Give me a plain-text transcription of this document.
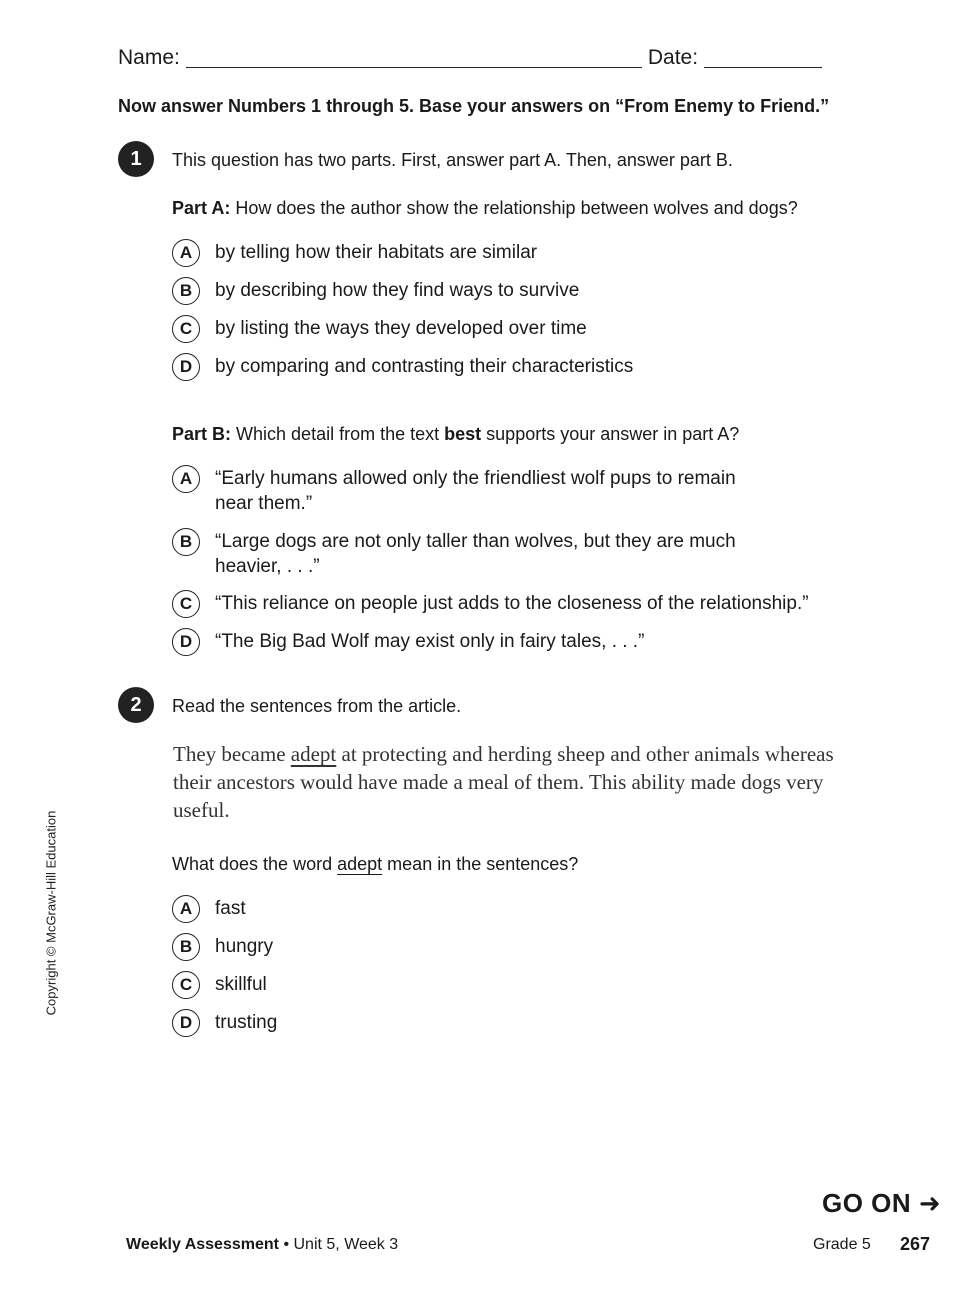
Name:	Date:
Now answer Numbers 1 through 5. Base your answers on “From Enemy to Friend.”
1	This question has two parts. First, answer part A. Then, answer part B.
Part A: How does the author show the relationship between wolves and dogs?
A	by telling how their habitats are similar
B	by describing how they find ways to survive
C	by listing the ways they developed over time
D	by comparing and contrasting their characteristics
Part B: Which detail from the text best supports your answer in part A?
A	“Early humans allowed only the friendliest wolf pups to remain
near them.”
B	“Large dogs are not only taller than wolves, but they are much
heavier, . . .”
C	“This reliance on people just adds to the closeness of the relationship.”
D	“The Big Bad Wolf may exist only in fairy tales, . . .”
2	Read the sentences from the article.
They became adept at protecting and herding sheep and other animals whereas their ancestors would have made a meal of them. This ability made dogs very useful.
What does the word adept mean in the sentences?
A	fast
B	hungry
C	skillful
D	trusting
Copyright © McGraw-Hill Education
GO ON ➜
Weekly Assessment • Unit 5, Week 3	Grade 5 267
